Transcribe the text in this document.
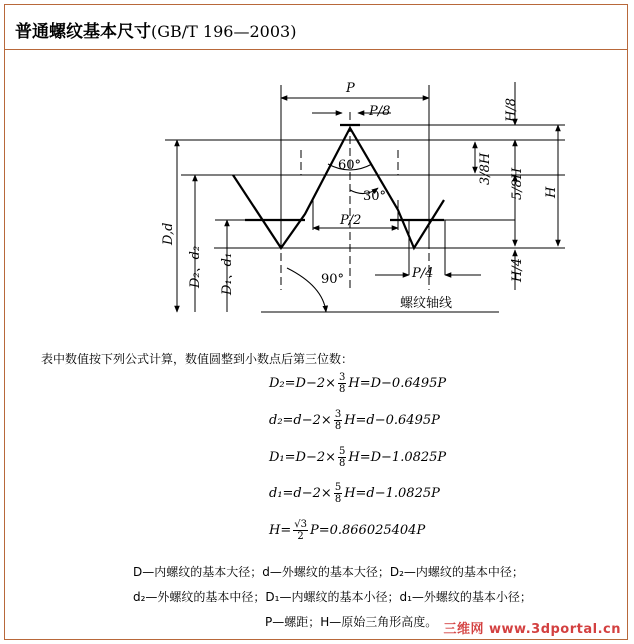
普通螺纹基本尺寸(GB/T 196—2003)
P
P/8
60°
30°
P/2
P/4
90°
螺纹轴线
H/8
3/8H 5/8H H
H/4
D,d
D₂、d₂ D₁、d₁
表中数值按下列公式计算，数值圆整到小数点后第三位数：
$D_2=D-2\times \frac{3}{8} H=D-0.6495P$
$d_2=d-2\times \frac{3}{8} H=d-0.6495P$
$D_1=D-2\times \frac{5}{8} H=D-1.0825P$
$d_1=d-2\times \frac{5}{8} H=d-1.0825P$
$H= \frac{√3}{2} P=0.866025404P$
D—内螺纹的基本大径；d—外螺纹的基本大径；D₂—内螺纹的基本中径；
d₂—外螺纹的基本中径；D₁—内螺纹的基本小径；d₁—外螺纹的基本小径；
P—螺距；H—原始三角形高度。 三维网 www.3dportal.cn
